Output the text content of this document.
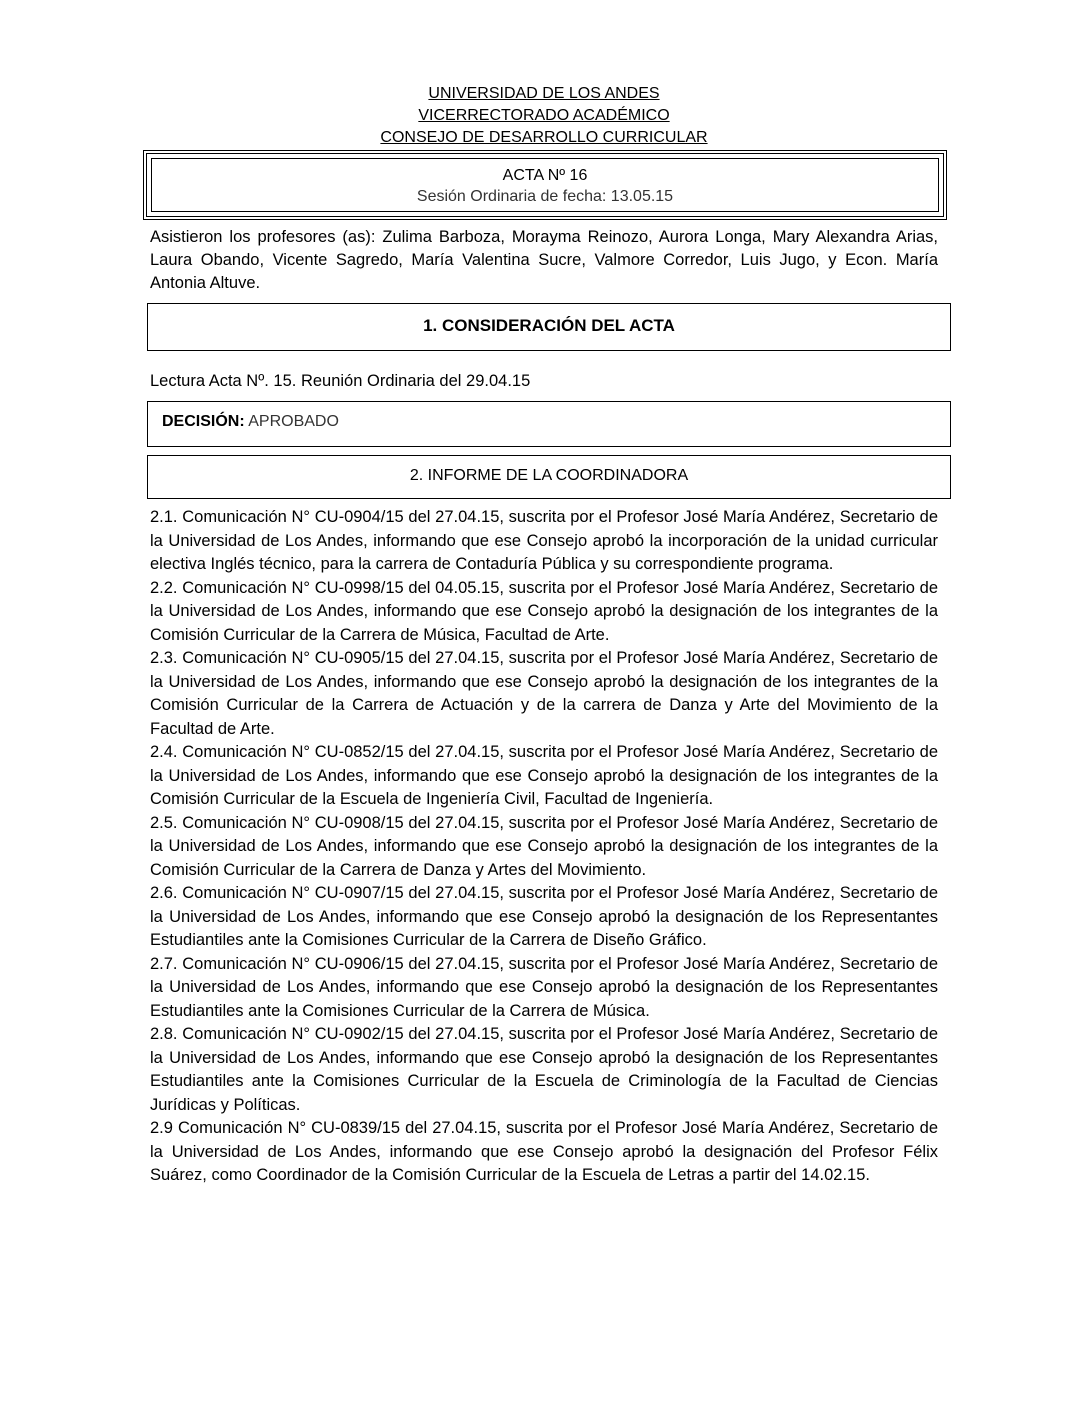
UNIVERSIDAD DE LOS ANDES
VICERRECTORADO ACADÉMICO
CONSEJO DE DESARROLLO CURRICULAR
ACTA Nº 16
Sesión Ordinaria de fecha: 13.05.15
Asistieron los profesores (as): Zulima Barboza, Morayma Reinozo, Aurora Longa, Mary Alexandra Arias, Laura Obando, Vicente Sagredo, María Valentina Sucre, Valmore Corredor, Luis Jugo, y Econ. María Antonia Altuve.
1. CONSIDERACIÓN DEL ACTA
Lectura Acta Nº. 15. Reunión Ordinaria del 29.04.15
DECISIÓN: APROBADO
2. INFORME DE LA COORDINADORA

2.1. Comunicación N° CU-0904/15 del 27.04.15, suscrita por el Profesor José María Andérez, Secretario de la Universidad de Los Andes, informando que ese Consejo aprobó la incorporación de la unidad curricular electiva Inglés técnico, para la carrera de Contaduría Pública y su correspondiente programa.

2.2. Comunicación N° CU-0998/15 del 04.05.15, suscrita por el Profesor José María Andérez, Secretario de la Universidad de Los Andes, informando que ese Consejo aprobó la designación de los integrantes de la Comisión Curricular de la Carrera de Música, Facultad de Arte.

2.3. Comunicación N° CU-0905/15 del 27.04.15, suscrita por el Profesor José María Andérez, Secretario de la Universidad de Los Andes, informando que ese Consejo aprobó la designación de los integrantes de la Comisión Curricular de la Carrera de Actuación y de la carrera de Danza y Arte del Movimiento de la Facultad de Arte.

2.4. Comunicación N° CU-0852/15 del 27.04.15, suscrita por el Profesor José María Andérez, Secretario de la Universidad de Los Andes, informando que ese Consejo aprobó la designación de los integrantes de la Comisión Curricular de la Escuela de Ingeniería Civil, Facultad de Ingeniería.

2.5. Comunicación N° CU-0908/15 del 27.04.15, suscrita por el Profesor José María Andérez, Secretario de la Universidad de Los Andes, informando que ese Consejo aprobó la designación de los integrantes de la Comisión Curricular de la Carrera de Danza y Artes del Movimiento.

2.6. Comunicación N° CU-0907/15 del 27.04.15, suscrita por el Profesor José María Andérez, Secretario de la Universidad de Los Andes, informando que ese Consejo aprobó la designación de los Representantes Estudiantiles ante la Comisiones Curricular de la Carrera de Diseño Gráfico.

2.7. Comunicación N° CU-0906/15 del 27.04.15, suscrita por el Profesor José María Andérez, Secretario de la Universidad de Los Andes, informando que ese Consejo aprobó la designación de los Representantes Estudiantiles ante la Comisiones Curricular de la Carrera de Música.

2.8. Comunicación N° CU-0902/15 del 27.04.15, suscrita por el Profesor José María Andérez, Secretario de la Universidad de Los Andes, informando que ese Consejo aprobó la designación de los Representantes Estudiantiles ante la Comisiones Curricular de la Escuela de Criminología de la Facultad de Ciencias Jurídicas y Políticas.

2.9 Comunicación N° CU-0839/15 del 27.04.15, suscrita por el Profesor José María Andérez, Secretario de la Universidad de Los Andes, informando que ese Consejo aprobó la designación del Profesor Félix Suárez, como Coordinador de la Comisión Curricular de la Escuela de Letras a partir del 14.02.15.
